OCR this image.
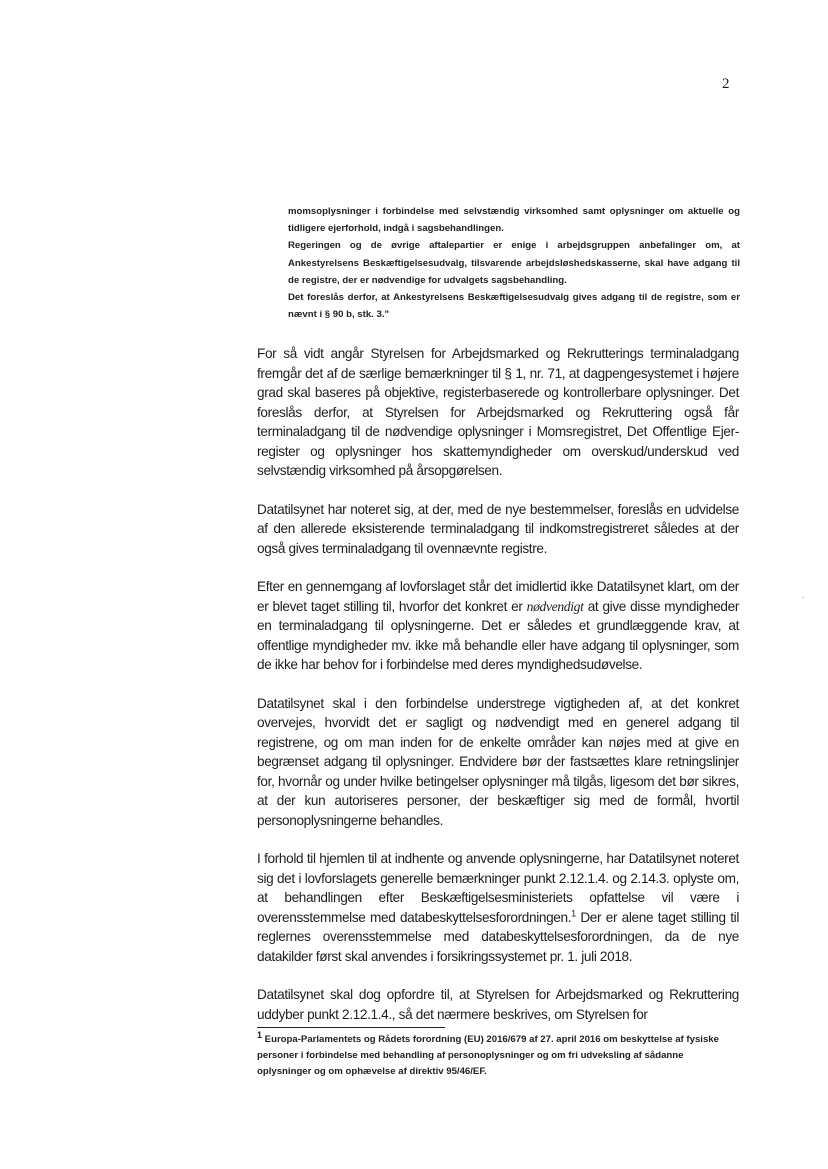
2

momsoplysninger i forbindelse med selvstændig virksomhed samt oplysninger om aktuelle og tidligere ejerforhold, indgå i sagsbehandlingen.

Regeringen og de øvrige aftalepartier er enige i arbejdsgruppen anbefalinger om, at Ankestyrelsens Beskæftigelsesudvalg, tilsvarende arbejdsløshedskasserne, skal have adgang til de registre, der er nødvendige for udvalgets sagsbehandling.

Det foreslås derfor, at Ankestyrelsens Beskæftigelsesudvalg gives adgang til de registre, som er nævnt i § 90 b, stk. 3."

For så vidt angår Styrelsen for Arbejdsmarked og Rekrutterings terminaladgang fremgår det af de særlige bemærkninger til § 1, nr. 71, at dagpengesystemet i højere grad skal baseres på objektive, registerbaserede og kontrollerbare oplysninger. Det foreslås derfor, at Styrelsen for Arbejdsmarked og Rekruttering også får terminaladgang til de nødvendige oplysninger i Momsregistret, Det Offentlige Ejer-register og oplysninger hos skattemyndigheder om overskud/underskud ved selvstændig virksomhed på årsopgørelsen.

Datatilsynet har noteret sig, at der, med de nye bestemmelser, foreslås en udvidelse af den allerede eksisterende terminaladgang til indkomstregistreret således at der også gives terminaladgang til ovennævnte registre.

Efter en gennemgang af lovforslaget står det imidlertid ikke Datatilsynet klart, om der er blevet taget stilling til, hvorfor det konkret er nødvendigt at give disse myndigheder en terminaladgang til oplysningerne. Det er således et grundlæggende krav, at offentlige myndigheder mv. ikke må behandle eller have adgang til oplysninger, som de ikke har behov for i forbindelse med deres myndighedsudøvelse.

Datatilsynet skal i den forbindelse understrege vigtigheden af, at det konkret overvejes, hvorvidt det er sagligt og nødvendigt med en generel adgang til registrene, og om man inden for de enkelte områder kan nøjes med at give en begrænset adgang til oplysninger. Endvidere bør der fastsættes klare retningslinjer for, hvornår og under hvilke betingelser oplysninger må tilgås, ligesom det bør sikres, at der kun autoriseres personer, der beskæftiger sig med de formål, hvortil personoplysningerne behandles.

I forhold til hjemlen til at indhente og anvende oplysningerne, har Datatilsynet noteret sig det i lovforslagets generelle bemærkninger punkt 2.12.1.4. og 2.14.3. oplyste om, at behandlingen efter Beskæftigelsesministeriets opfattelse vil være i overensstemmelse med databeskyttelsesforordningen.$^1$ Der er alene taget stilling til reglernes overensstemmelse med databeskyttelsesforordningen, da de nye datakilder først skal anvendes i forsikringssystemet pr. 1. juli 2018.

Datatilsynet skal dog opfordre til, at Styrelsen for Arbejdsmarked og Rekruttering uddyber punkt 2.12.1.4., så det nærmere beskrives, om Styrelsen for

$^1$ Europa-Parlamentets og Rådets forordning (EU) 2016/679 af 27. april 2016 om beskyttelse af fysiske personer i forbindelse med behandling af personoplysninger og om fri udveksling af sådanne oplysninger og om ophævelse af direktiv 95/46/EF.

.
